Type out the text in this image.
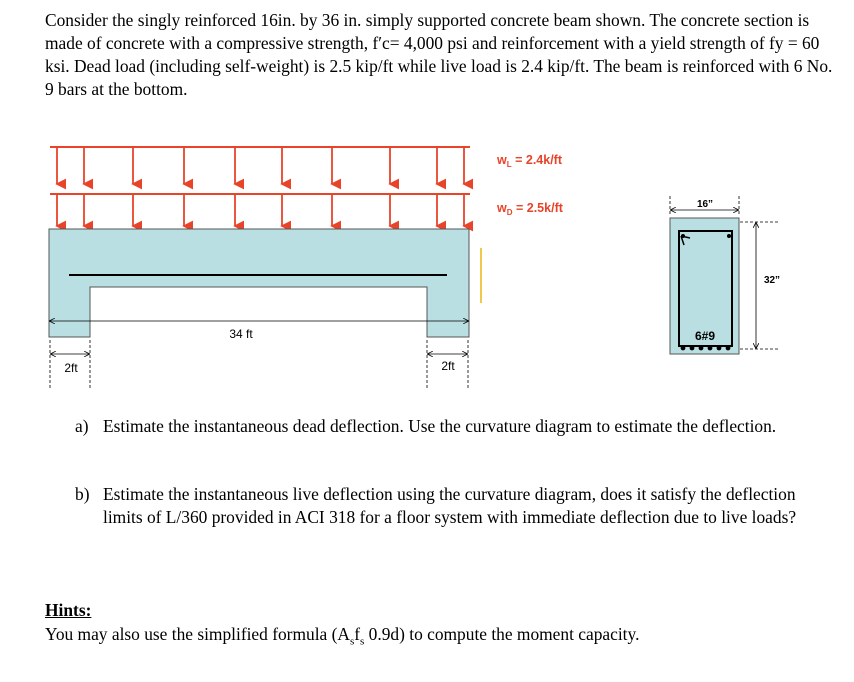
Consider the singly reinforced 16in. by 36 in. simply supported concrete beam shown. The concrete section is made of concrete with a compressive strength, f′c= 4,000 psi and reinforcement with a yield strength of fy = 60 ksi. Dead load (including self-weight) is 2.5 kip/ft while live load is 2.4 kip/ft. The beam is reinforced with 6 No. 9 bars at the bottom.

$w_L = 2.4k/ft$
$w_D = 2.5k/ft$
34 ft
2ft	2ft
6#9
16”
32”
a) Estimate the instantaneous dead deflection. Use the curvature diagram to estimate the deflection.
b) Estimate the instantaneous live deflection using the curvature diagram, does it satisfy the deflection limits of L/360 provided in ACI 318 for a floor system with immediate deflection due to live loads?
Hints:
You may also use the simplified formula ($A_sf_s$ 0.9d) to compute the moment capacity.
